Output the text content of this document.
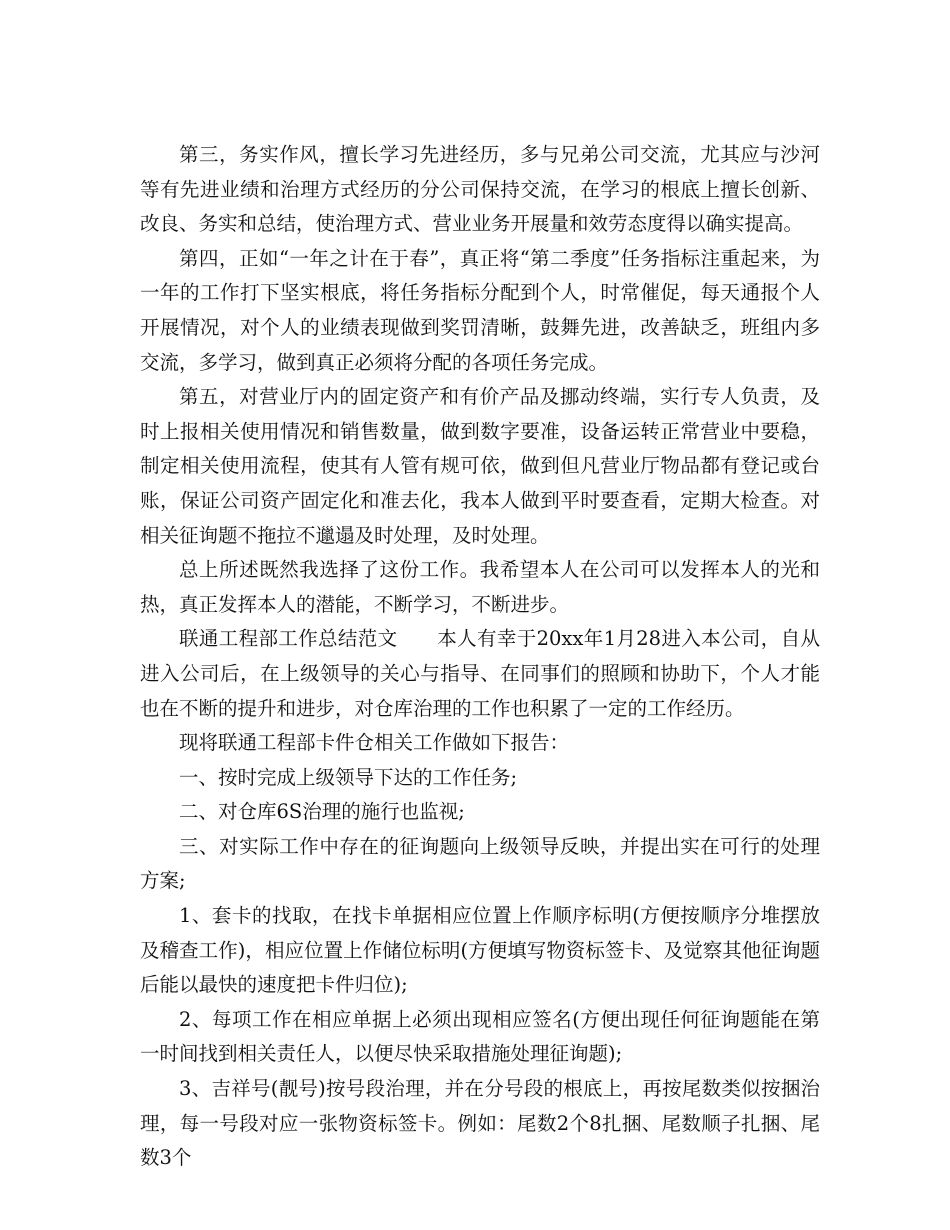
第三，务实作风，擅长学习先进经历，多与兄弟公司交流，尤其应与沙河等有先进业绩和治理方式经历的分公司保持交流，在学习的根底上擅长创新、改良、务实和总结，使治理方式、营业业务开展量和效劳态度得以确实提高。

第四，正如“一年之计在于春”，真正将“第二季度”任务指标注重起来，为一年的工作打下坚实根底，将任务指标分配到个人，时常催促，每天通报个人开展情况，对个人的业绩表现做到奖罚清晰，鼓舞先进，改善缺乏，班组内多交流，多学习，做到真正必须将分配的各项任务完成。

第五，对营业厅内的固定资产和有价产品及挪动终端，实行专人负责，及时上报相关使用情况和销售数量，做到数字要准，设备运转正常营业中要稳，制定相关使用流程，使其有人管有规可依，做到但凡营业厅物品都有登记或台账，保证公司资产固定化和准去化，我本人做到平时要查看，定期大检查。对相关征询题不拖拉不邋遢及时处理，及时处理。

总上所述既然我选择了这份工作。我希望本人在公司可以发挥本人的光和热，真正发挥本人的潜能，不断学习，不断进步。

联通工程部工作总结范文　　本人有幸于20xx年1月28进入本公司，自从进入公司后，在上级领导的关心与指导、在同事们的照顾和协助下，个人才能也在不断的提升和进步，对仓库治理的工作也积累了一定的工作经历。

现将联通工程部卡件仓相关工作做如下报告：

一、按时完成上级领导下达的工作任务;

二、对仓库6S治理的施行也监视;

三、对实际工作中存在的征询题向上级领导反映，并提出实在可行的处理方案;

1、套卡的找取，在找卡单据相应位置上作顺序标明(方便按顺序分堆摆放及稽查工作)，相应位置上作储位标明(方便填写物资标签卡、及觉察其他征询题后能以最快的速度把卡件归位);

2、每项工作在相应单据上必须出现相应签名(方便出现任何征询题能在第一时间找到相关责任人，以便尽快采取措施处理征询题);

3、吉祥号(靓号)按号段治理，并在分号段的根底上，再按尾数类似按捆治理，每一号段对应一张物资标签卡。例如：尾数2个8扎捆、尾数顺子扎捆、尾数3个
